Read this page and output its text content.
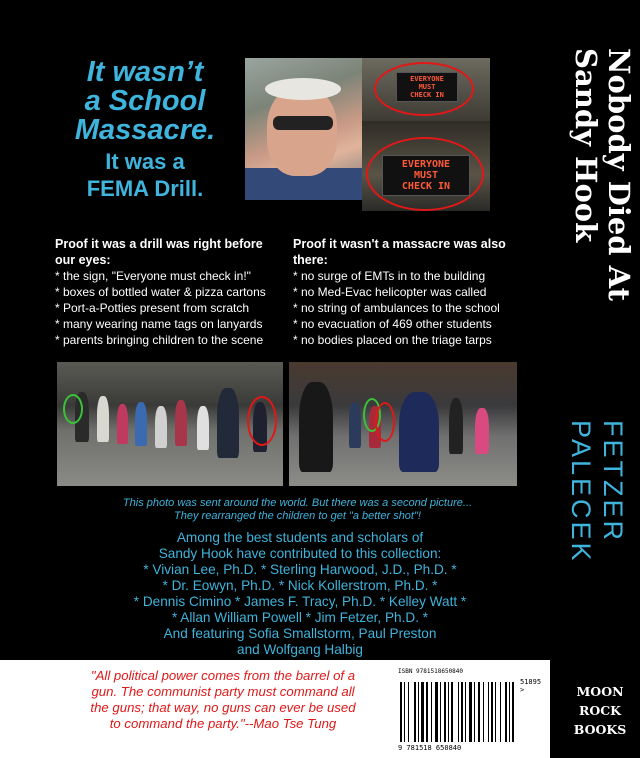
It wasn’t
a School
Massacre.
It was a
FEMA Drill.
EVERYONE
MUST
CHECK IN
EVERYONE
MUST
CHECK IN
Proof it was a drill was right before
our eyes:
* the sign, "Everyone must check in!"
* boxes of bottled water & pizza cartons
* Port-a-Potties present from scratch
* many wearing name tags on lanyards
* parents bringing children to the scene
Proof it wasn't a massacre was also
there:
* no surge of EMTs in to the building
* no Med-Evac helicopter was called
* no string of ambulances to the school
* no evacuation of 469 other students
* no bodies placed on the triage tarps
This photo was sent around the world. But there was a second picture...
They rearranged the children to get "a better shot"!
Among the best students and scholars of
Sandy Hook have contributed to this collection:
* Vivian Lee, Ph.D. * Sterling Harwood, J.D., Ph.D. *
* Dr. Eowyn, Ph.D. * Nick Kollerstrom, Ph.D. *
* Dennis Cimino * James F. Tracy, Ph.D. * Kelley Watt *
* Allan William Powell * Jim Fetzer, Ph.D. *
And featuring Sofia Smallstorm, Paul Preston
and Wolfgang Halbig
Nobody Died At
Sandy Hook
FETZER
PALECEK
"All political power comes from the barrel of a
gun. The communist party must command all
the guns; that way, no guns can ever be used
to command the party."--Mao Tse Tung
ISBN 9781518650840
51895 >
9 781518 650840
MOON
ROCK
BOOKS
